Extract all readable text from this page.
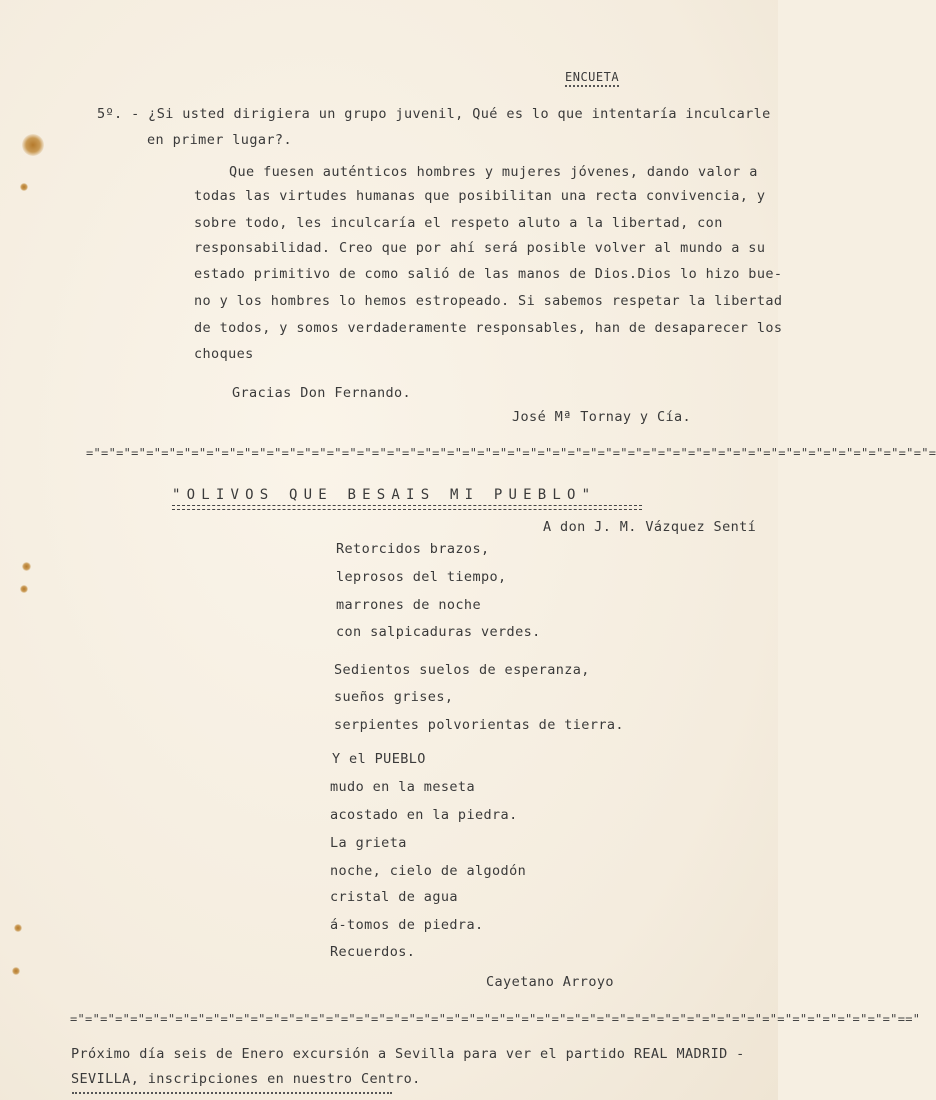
ENCUETA
5º. - ¿Si usted dirigiera un grupo juvenil, Qué es lo que intentaría inculcarle
en primer lugar?.
Que fuesen auténticos hombres y mujeres jóvenes, dando valor a
todas las virtudes humanas que posibilitan una recta convivencia, y
sobre todo, les inculcaría el respeto aluto a la libertad, con
responsabilidad. Creo que por ahí será posible volver al mundo a su
estado primitivo de como salió de las manos de Dios.Dios lo hizo bue-
no y los hombres lo hemos estropeado. Si sabemos respetar la libertad
de todos, y somos verdaderamente responsables, han de desaparecer los
choques
Gracias Don Fernando.
José Mª Tornay y Cía.
="="="="="="="="="="="="="="="="="="="="="="="="="="="="="="="="="="="="="="="="="="="="="="="="="="="="="="="="=
"OLIVOS QUE BESAIS MI PUEBLO"
A don J. M. Vázquez Sentí
Retorcidos brazos,
leprosos del tiempo,
marrones de noche
con salpicaduras verdes.
Sedientos suelos de esperanza,
sueños grises,
serpientes polvorientas de tierra.
Y el PUEBLO
mudo en la meseta
acostado en la piedra.
La grieta
noche, cielo de algodón
cristal de agua
á-tomos de piedra.
Recuerdos.
Cayetano Arroyo
="="="="="="="="="="="="="="="="="="="="="="="="="="="="="="="="="="="="="="="="="="="="="="="="="="="="="="="=="
Próximo día seis de Enero excursión a Sevilla para ver el partido REAL MADRID -
SEVILLA, inscripciones en nuestro Centro.
